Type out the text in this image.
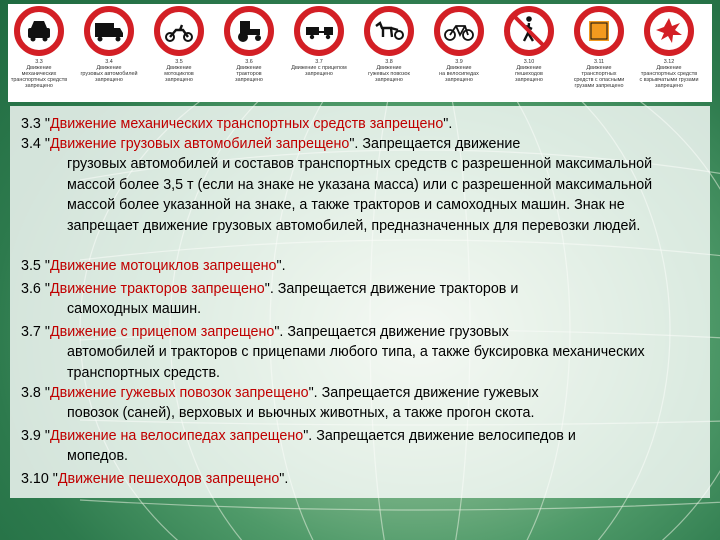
3.3
Движение
механических
транспортных средств
запрещено
3.4
Движение
грузовых автомобилей
запрещено
3.5
Движение
мотоциклов
запрещено
3.6
Движение
тракторов
запрещено
3.7
Движение с прицепом
запрещено
3.8
Движение
гужевых повозок
запрещено
3.9
Движение
на велосипедах
запрещено
3.10
Движение
пешеходов
запрещено
3.11
Движение транспортных
средств с опасными
грузами запрещено
3.12
Движение
транспортных средств
с взрывчатыми грузами
запрещено
3.3 "Движение механических транспортных средств запрещено".
3.4 "Движение грузовых автомобилей запрещено". Запрещается движение
грузовых автомобилей и составов транспортных средств с разрешенной максимальной массой более 3,5 т (если на знаке не указана масса) или с разрешенной максимальной массой более указанной на знаке, а также тракторов и самоходных машин. Знак не запрещает движение грузовых автомобилей, предназначенных для перевозки людей.
3.5 "Движение мотоциклов запрещено".
3.6 "Движение тракторов запрещено". Запрещается движение тракторов и
самоходных машин.
3.7 "Движение с прицепом запрещено". Запрещается движение грузовых
автомобилей и тракторов с прицепами любого типа, а также буксировка механических транспортных средств.
3.8 "Движение гужевых повозок запрещено". Запрещается движение гужевых
повозок (саней), верховых и вьючных животных, а также прогон скота.
3.9 "Движение на велосипедах запрещено". Запрещается движение велосипедов и
мопедов.
3.10 "Движение пешеходов запрещено".
